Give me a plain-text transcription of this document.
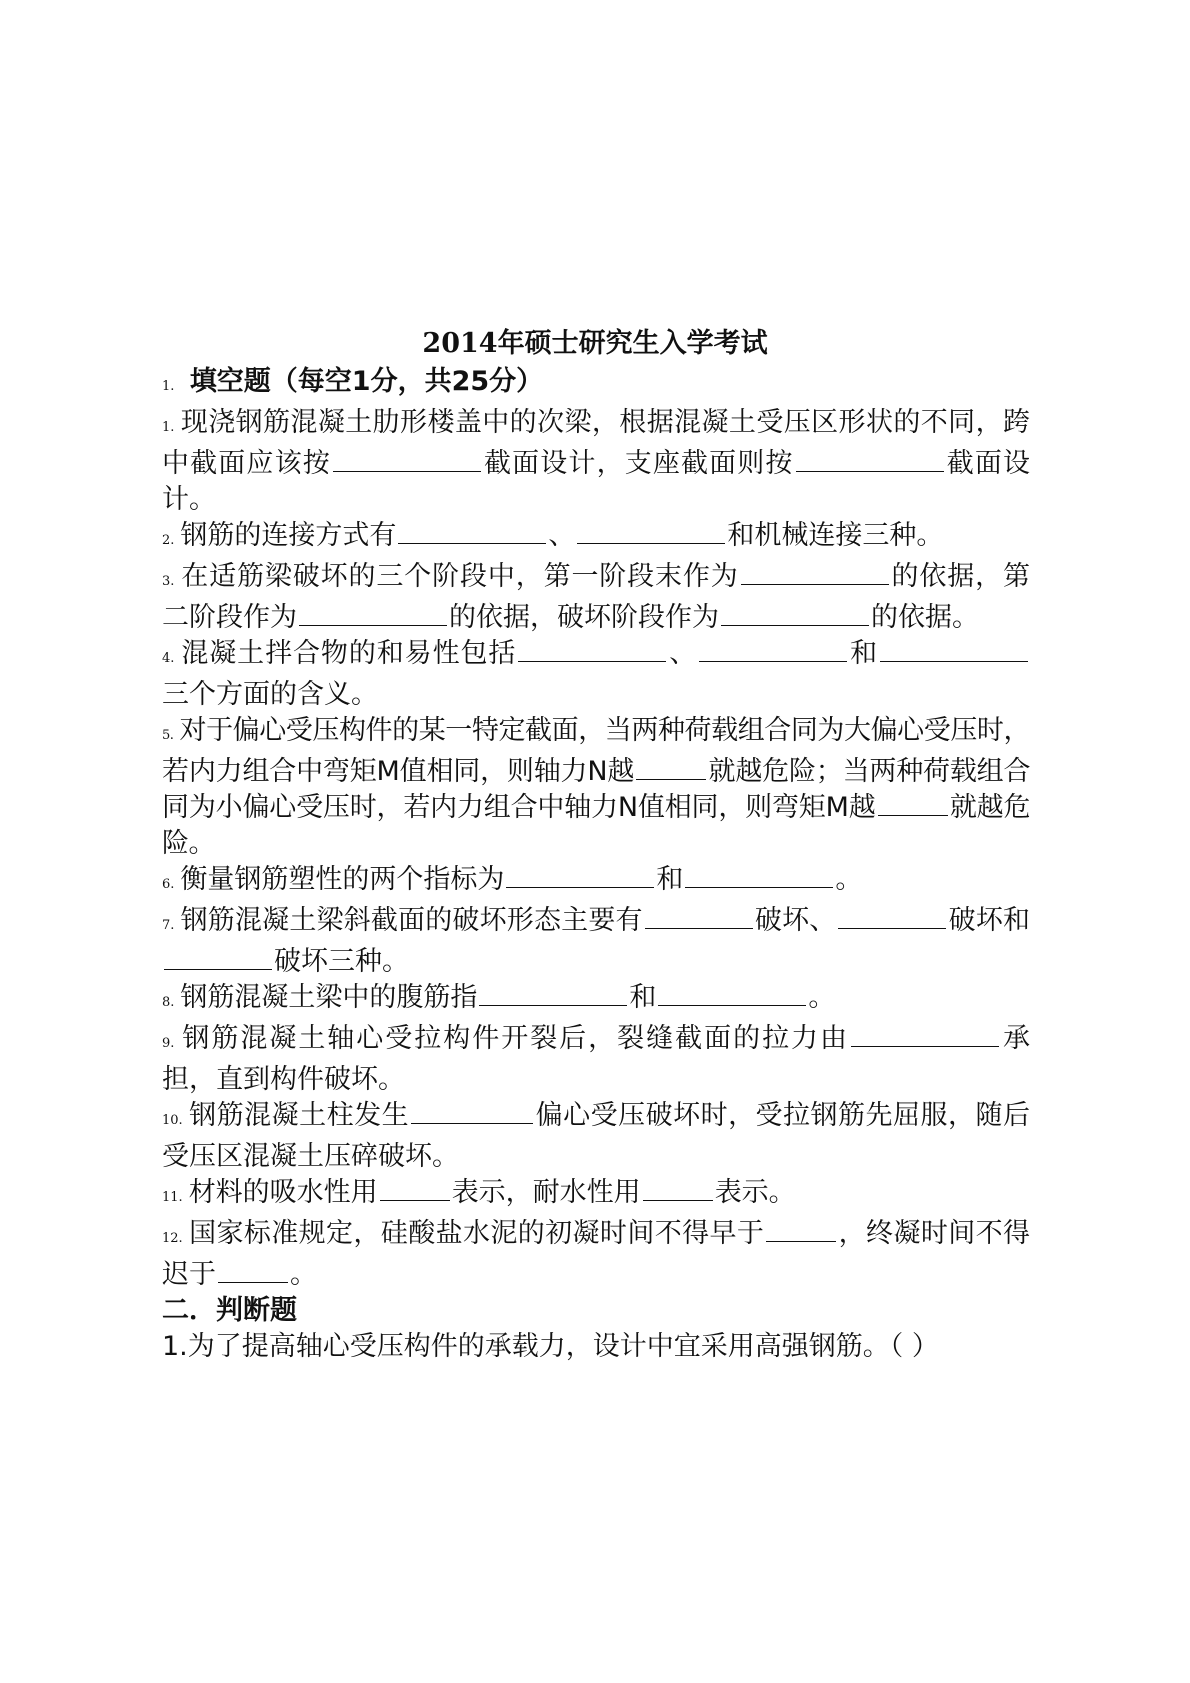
2014年硕士研究生入学考试
1. 填空题（每空1分，共25分）
1. 现浇钢筋混凝土肋形楼盖中的次梁，根据混凝土受压区形状的不同，跨中截面应该按	截面设计，支座截面则按	截面设计。
2. 钢筋的连接方式有	、	和机械连接三种。
3. 在适筋梁破坏的三个阶段中，第一阶段末作为	的依据，第二阶段作为	的依据，破坏阶段作为	的依据。
4. 混凝土拌合物的和易性包括	、	和三个方面的含义。
5. 对于偏心受压构件的某一特定截面，当两种荷载组合同为大偏心受压时，若内力组合中弯矩M值相同，则轴力N越	就越危险；当两种荷载组合同为小偏心受压时，若内力组合中轴力N值相同，则弯矩M越	就越危险。
6. 衡量钢筋塑性的两个指标为	和	。
7. 钢筋混凝土梁斜截面的破坏形态主要有	破坏、	破坏和破坏三种。
8. 钢筋混凝土梁中的腹筋指	和	。
9. 钢筋混凝土轴心受拉构件开裂后，裂缝截面的拉力由	承担，直到构件破坏。
10. 钢筋混凝土柱发生	偏心受压破坏时，受拉钢筋先屈服，随后受压区混凝土压碎破坏。
11. 材料的吸水性用	表示，耐水性用	表示。
12. 国家标准规定，硅酸盐水泥的初凝时间不得早于	，终凝时间不得迟于	。
二．判断题
1.为了提高轴心受压构件的承载力，设计中宜采用高强钢筋。（ ）
